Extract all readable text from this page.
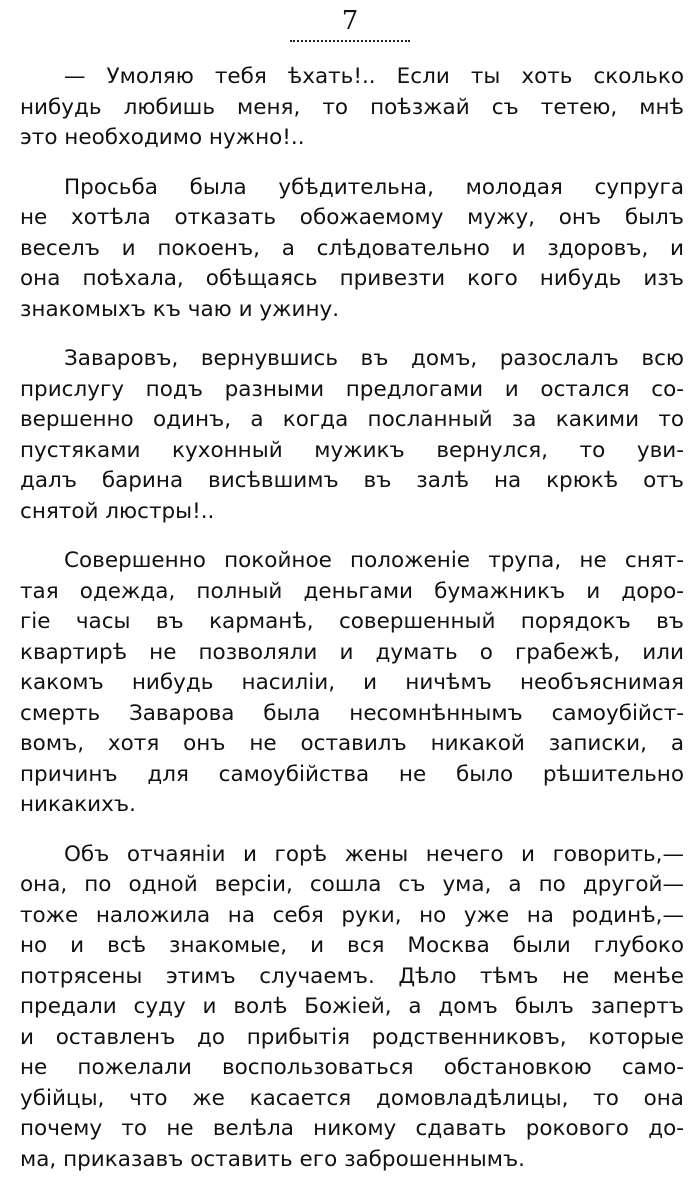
7
— Умоляю тебя ѣхать!.. Если ты хоть сколько
нибудь любишь меня, то поѣзжай съ тетею, мнѣ
это необходимо нужно!..
Просьба была убѣдительна, молодая супруга
не хотѣла отказать обожаемому мужу, онъ былъ
веселъ и покоенъ, а слѣдовательно и здоровъ, и
она поѣхала, обѣщаясь привезти кого нибудь изъ
знакомыхъ къ чаю и ужину.
Заваровъ, вернувшись въ домъ, разослалъ всю
прислугу подъ разными предлогами и остался со-
вершенно одинъ, а когда посланный за какими то
пустяками кухонный мужикъ вернулся, то уви-
далъ барина висѣвшимъ въ залѣ на крюкѣ отъ
снятой люстры!..
Совершенно покойное положенiе трупа, не снят-
тая одежда, полный деньгами бумажникъ и доро-
гiе часы въ карманѣ, совершенный порядокъ въ
квартирѣ не позволяли и думать о грабежѣ, или
какомъ нибудь насилiи, и ничѣмъ необъяснимая
смерть Заварова была несомнѣннымъ самоубiйст-
вомъ, хотя онъ не оставилъ никакой записки, а
причинъ для самоубiйства не было рѣшительно
никакихъ.
Объ отчаянiи и горѣ жены нечего и говорить,—
она, по одной версiи, сошла съ ума, а по другой—
тоже наложила на себя руки, но уже на родинѣ,—
но и всѣ знакомые, и вся Москва были глубоко
потрясены этимъ случаемъ. Дѣло тѣмъ не менѣе
предали суду и волѣ Божiей, а домъ былъ запертъ
и оставленъ до прибытiя родственниковъ, которые
не пожелали воспользоваться обстановкою само-
убiйцы, что же касается домовладѣлицы, то она
почему то не велѣла никому сдавать рокового до-
ма, приказавъ оставить его заброшеннымъ.
